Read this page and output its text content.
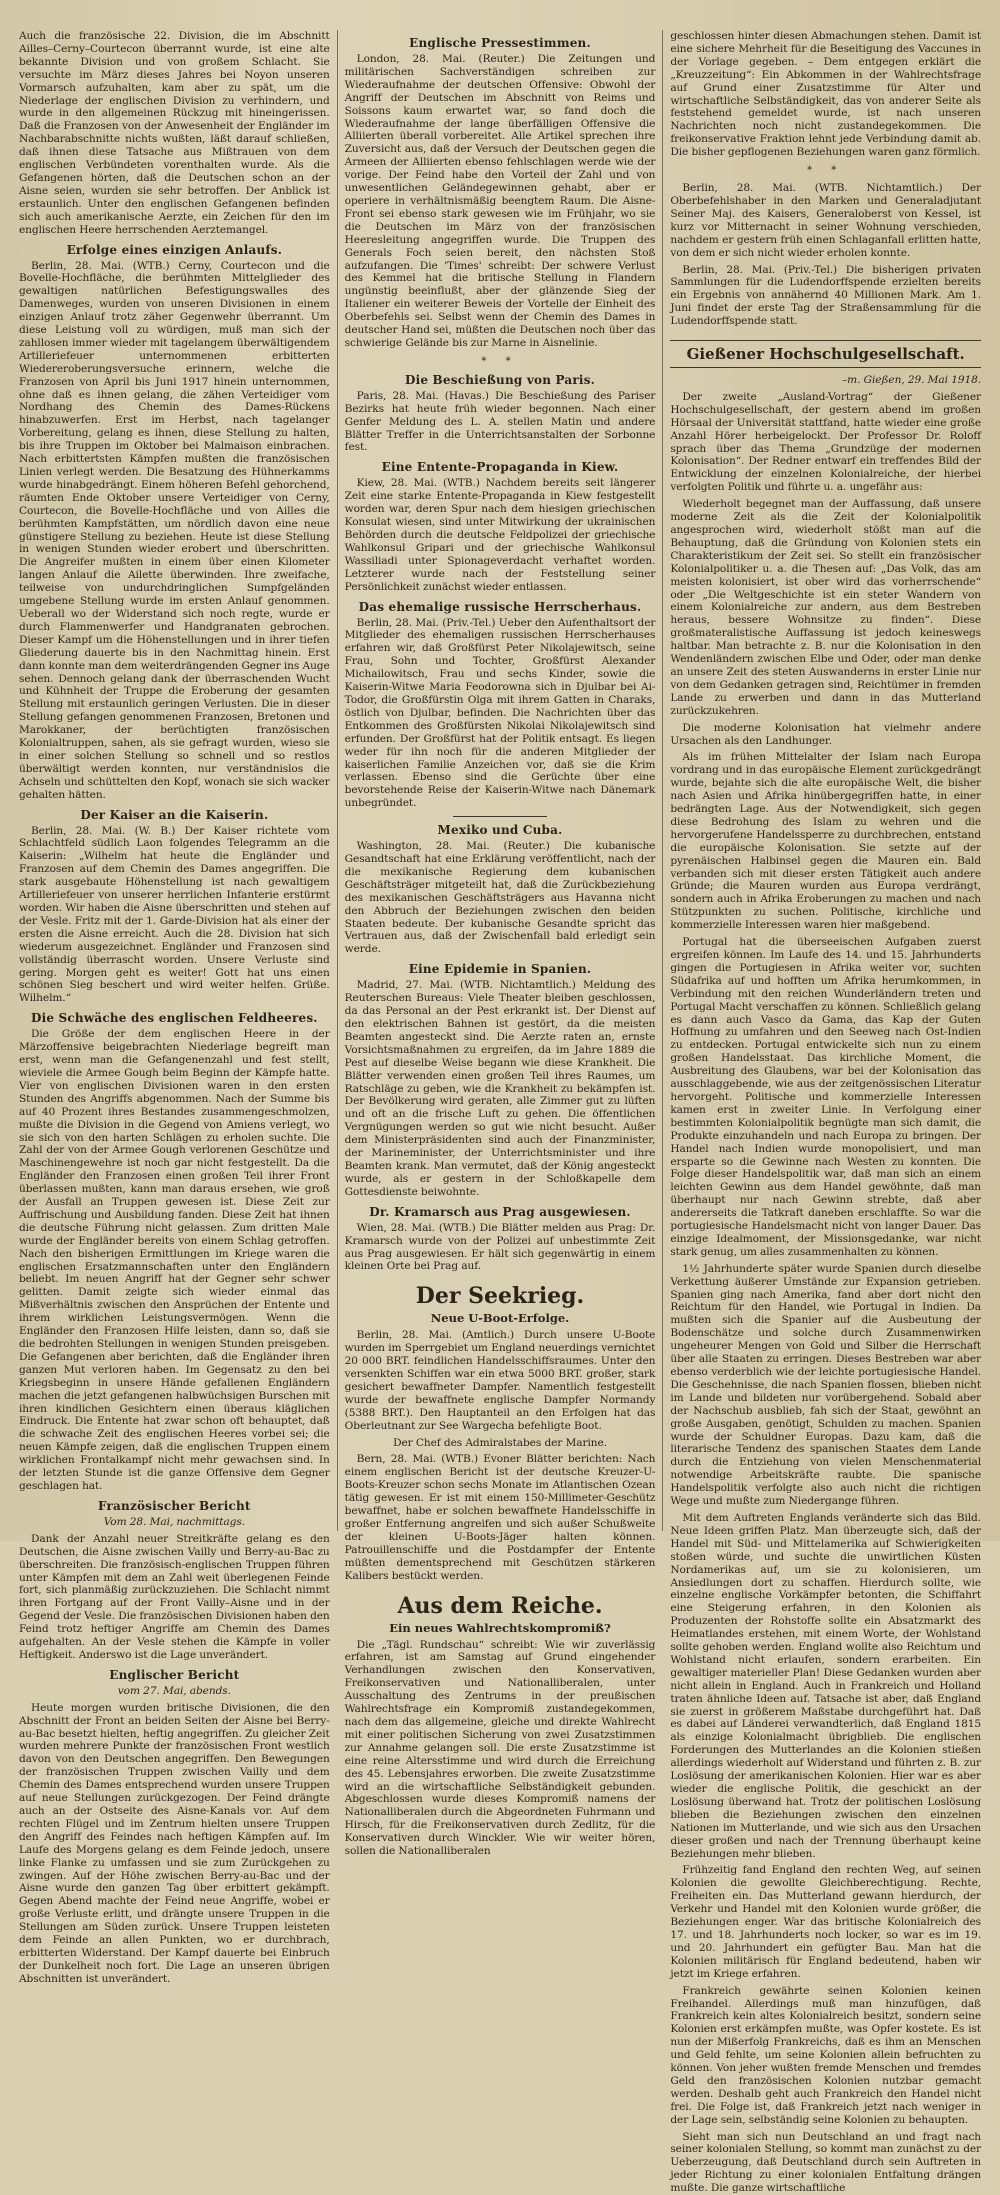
Auch die französische 22. Division, die im Abschnitt Ailles–Cerny–Courtecon überrannt wurde, ist eine alte bekannte Division und von großem Schlacht. Sie versuchte im März dieses Jahres bei Noyon unseren Vormarsch aufzuhalten, kam aber zu spät, um die Niederlage der englischen Division zu verhindern, und wurde in den allgemeinen Rückzug mit hineingerissen. Daß die Franzosen von der Anwesenheit der Engländer im Nachbarabschnitte nichts wußten, läßt darauf schließen, daß ihnen diese Tatsache aus Mißtrauen von dem englischen Verbündeten vorenthalten wurde. Als die Gefangenen hörten, daß die Deutschen schon an der Aisne seien, wurden sie sehr betroffen. Der Anblick ist erstaunlich. Unter den englischen Gefangenen befinden sich auch amerikanische Aerzte, ein Zeichen für den im englischen Heere herrschenden Aerztemangel.

Erfolge eines einzigen Anlaufs.

Berlin, 28. Mai. (WTB.) Cerny, Courtecon und die Bovelle-Hochfläche, die berühmten Mittelglieder des gewaltigen natürlichen Befestigungswalles des Damenweges, wurden von unseren Divisionen in einem einzigen Anlauf trotz zäher Gegenwehr überrannt. Um diese Leistung voll zu würdigen, muß man sich der zahllosen immer wieder mit tagelangem überwältigendem Artilleriefeuer unternommenen erbitterten Wiedereroberungsversuche erinnern, welche die Franzosen von April bis Juni 1917 hinein unternommen, ohne daß es ihnen gelang, die zähen Verteidiger vom Nordhang des Chemin des Dames-Rückens hinabzuwerfen. Erst im Herbst, nach tagelanger Vorbereitung, gelang es ihnen, diese Stellung zu halten, bis ihre Truppen im Oktober bei Malmaison einbrachen. Nach erbittertsten Kämpfen mußten die französischen Linien verlegt werden. Die Besatzung des Hühnerkamms wurde hinabgedrängt. Einem höheren Befehl gehorchend, räumten Ende Oktober unsere Verteidiger von Cerny, Courtecon, die Bovelle-Hochfläche und von Ailles die berühmten Kampfstätten, um nördlich davon eine neue günstigere Stellung zu beziehen. Heute ist diese Stellung in wenigen Stunden wieder erobert und überschritten. Die Angreifer mußten in einem über einen Kilometer langen Anlauf die Ailette überwinden. Ihre zweifache, teilweise von undurchdringlichen Sumpfgeländen umgebene Stellung wurde im ersten Anlauf genommen. Ueberall wo der Widerstand sich noch regte, wurde er durch Flammenwerfer und Handgranaten gebrochen. Dieser Kampf um die Höhenstellungen und in ihrer tiefen Gliederung dauerte bis in den Nachmittag hinein. Erst dann konnte man dem weiterdrängenden Gegner ins Auge sehen. Dennoch gelang dank der überraschenden Wucht und Kühnheit der Truppe die Eroberung der gesamten Stellung mit erstaunlich geringen Verlusten. Die in dieser Stellung gefangen genommenen Franzosen, Bretonen und Marokkaner, der berüchtigten französischen Kolonialtruppen, sahen, als sie gefragt wurden, wieso sie in einer solchen Stellung so schnell und so restlos überwältigt werden konnten, nur verständnislos die Achseln und schüttelten den Kopf, wonach sie sich wacker gehalten hätten.

Der Kaiser an die Kaiserin.

Berlin, 28. Mai. (W. B.) Der Kaiser richtete vom Schlachtfeld südlich Laon folgendes Telegramm an die Kaiserin: „Wilhelm hat heute die Engländer und Franzosen auf dem Chemin des Dames angegriffen. Die stark ausgebaute Höhenstellung ist nach gewaltigem Artilleriefeuer von unserer herrlichen Infanterie erstürmt worden. Wir haben die Aisne überschritten und stehen auf der Vesle. Fritz mit der 1. Garde-Division hat als einer der ersten die Aisne erreicht. Auch die 28. Division hat sich wiederum ausgezeichnet. Engländer und Franzosen sind vollständig überrascht worden. Unsere Verluste sind gering. Morgen geht es weiter! Gott hat uns einen schönen Sieg beschert und wird weiter helfen. Grüße. Wilhelm.“

Die Schwäche des englischen Feldheeres.

Die Größe der dem englischen Heere in der Märzoffensive beigebrachten Niederlage begreift man erst, wenn man die Gefangenenzahl und fest stellt, wieviele die Armee Gough beim Beginn der Kämpfe hatte. Vier von englischen Divisionen waren in den ersten Stunden des Angriffs abgenommen. Nach der Summe bis auf 40 Prozent ihres Bestandes zusammengeschmolzen, mußte die Division in die Gegend von Amiens verlegt, wo sie sich von den harten Schlägen zu erholen suchte. Die Zahl der von der Armee Gough verlorenen Geschütze und Maschinengewehre ist noch gar nicht festgestellt. Da die Engländer den Franzosen einen großen Teil ihrer Front überlassen mußten, kann man daraus ersehen, wie groß der Ausfall an Truppen gewesen ist. Diese Zeit zur Auffrischung und Ausbildung fanden. Diese Zeit hat ihnen die deutsche Führung nicht gelassen. Zum dritten Male wurde der Engländer bereits von einem Schlag getroffen. Nach den bisherigen Ermittlungen im Kriege waren die englischen Ersatzmannschaften unter den Engländern beliebt. Im neuen Angriff hat der Gegner sehr schwer gelitten. Damit zeigte sich wieder einmal das Mißverhältnis zwischen den Ansprüchen der Entente und ihrem wirklichen Leistungsvermögen. Wenn die Engländer den Franzosen Hilfe leisten, dann so, daß sie die bedrohten Stellungen in wenigen Stunden preisgeben. Die Gefangenen aber berichten, daß die Engländer ihren ganzen Mut verloren haben. Im Gegensatz zu den bei Kriegsbeginn in unsere Hände gefallenen Engländern machen die jetzt gefangenen halbwüchsigen Burschen mit ihren kindlichen Gesichtern einen überaus kläglichen Eindruck. Die Entente hat zwar schon oft behauptet, daß die schwache Zeit des englischen Heeres vorbei sei; die neuen Kämpfe zeigen, daß die englischen Truppen einem wirklichen Frontalkampf nicht mehr gewachsen sind. In der letzten Stunde ist die ganze Offensive dem Gegner geschlagen hat.

Französischer Bericht

Vom 28. Mai, nachmittags.

Dank der Anzahl neuer Streitkräfte gelang es den Deutschen, die Aisne zwischen Vailly und Berry-au-Bac zu überschreiten. Die französisch-englischen Truppen führen unter Kämpfen mit dem an Zahl weit überlegenen Feinde fort, sich planmäßig zurückzuziehen. Die Schlacht nimmt ihren Fortgang auf der Front Vailly–Aisne und in der Gegend der Vesle. Die französischen Divisionen haben den Feind trotz heftiger Angriffe am Chemin des Dames aufgehalten. An der Vesle stehen die Kämpfe in voller Heftigkeit. Anderswo ist die Lage unverändert.

Englischer Bericht

vom 27. Mai, abends.

Heute morgen wurden britische Divisionen, die den Abschnitt der Front an beiden Seiten der Aisne bei Berry-au-Bac besetzt hielten, heftig angegriffen. Zu gleicher Zeit wurden mehrere Punkte der französischen Front westlich davon von den Deutschen angegriffen. Den Bewegungen der französischen Truppen zwischen Vailly und dem Chemin des Dames entsprechend wurden unsere Truppen auf neue Stellungen zurückgezogen. Der Feind drängte auch an der Ostseite des Aisne-Kanals vor. Auf dem rechten Flügel und im Zentrum hielten unsere Truppen den Angriff des Feindes nach heftigen Kämpfen auf. Im Laufe des Morgens gelang es dem Feinde jedoch, unsere linke Flanke zu umfassen und sie zum Zurückgehen zu zwingen. Auf der Höhe zwischen Berry-au-Bac und der Aisne wurde den ganzen Tag über erbittert gekämpft. Gegen Abend machte der Feind neue Angriffe, wobei er große Verluste erlitt, und drängte unsere Truppen in die Stellungen am Süden zurück. Unsere Truppen leisteten dem Feinde an allen Punkten, wo er durchbrach, erbitterten Widerstand. Der Kampf dauerte bei Einbruch der Dunkelheit noch fort. Die Lage an unseren übrigen Abschnitten ist unverändert.

Englische Pressestimmen.

London, 28. Mai. (Reuter.) Die Zeitungen und militärischen Sachverständigen schreiben zur Wiederaufnahme der deutschen Offensive: Obwohl der Angriff der Deutschen im Abschnitt von Reims und Soissons kaum erwartet war, so fand doch die Wiederaufnahme der lange überfälligen Offensive die Alliierten überall vorbereitet. Alle Artikel sprechen ihre Zuversicht aus, daß der Versuch der Deutschen gegen die Armeen der Alliierten ebenso fehlschlagen werde wie der vorige. Der Feind habe den Vorteil der Zahl und von unwesentlichen Geländegewinnen gehabt, aber er operiere in verhältnismäßig beengtem Raum. Die Aisne-Front sei ebenso stark gewesen wie im Frühjahr, wo sie die Deutschen im März von der französischen Heeresleitung angegriffen wurde. Die Truppen des Generals Foch seien bereit, den nächsten Stoß aufzufangen. Die 'Times' schreibt: Der schwere Verlust des Kemmel hat die britische Stellung in Flandern ungünstig beeinflußt, aber der glänzende Sieg der Italiener ein weiterer Beweis der Vortelle der Einheit des Oberbefehls sei. Selbst wenn der Chemin des Dames in deutscher Hand sei, müßten die Deutschen noch über das schwierige Gelände bis zur Marne in Aisnelinie.

* *
Die Beschießung von Paris.

Paris, 28. Mai. (Havas.) Die Beschießung des Pariser Bezirks hat heute früh wieder begonnen. Nach einer Genfer Meldung des L. A. stellen Matin und andere Blätter Treffer in die Unterrichtsanstalten der Sorbonne fest.

Eine Entente-Propaganda in Kiew.

Kiew, 28. Mai. (WTB.) Nachdem bereits seit längerer Zeit eine starke Entente-Propaganda in Kiew festgestellt worden war, deren Spur nach dem hiesigen griechischen Konsulat wiesen, sind unter Mitwirkung der ukrainischen Behörden durch die deutsche Feldpolizei der griechische Wahlkonsul Gripari und der griechische Wahlkonsul Wassiliadi unter Spionageverdacht verhaftet worden. Letzterer wurde nach der Feststellung seiner Persönlichkeit zunächst wieder entlassen.

Das ehemalige russische Herrscherhaus.

Berlin, 28. Mai. (Priv.-Tel.) Ueber den Aufenthaltsort der Mitglieder des ehemaligen russischen Herrscherhauses erfahren wir, daß Großfürst Peter Nikolajewitsch, seine Frau, Sohn und Tochter, Großfürst Alexander Michailowitsch, Frau und sechs Kinder, sowie die Kaiserin-Witwe Maria Feodorowna sich in Djulbar bei Ai-Todor, die Großfürstin Olga mit ihrem Gatten in Charaks, östlich von Djulbar, befinden. Die Nachrichten über das Entkommen des Großfürsten Nikolai Nikolajewitsch sind erfunden. Der Großfürst hat der Politik entsagt. Es liegen weder für ihn noch für die anderen Mitglieder der kaiserlichen Familie Anzeichen vor, daß sie die Krim verlassen. Ebenso sind die Gerüchte über eine bevorstehende Reise der Kaiserin-Witwe nach Dänemark unbegründet.

Mexiko und Cuba.

Washington, 28. Mai. (Reuter.) Die kubanische Gesandtschaft hat eine Erklärung veröffentlicht, nach der die mexikanische Regierung dem kubanischen Geschäftsträger mitgeteilt hat, daß die Zurückbeziehung des mexikanischen Geschäftsträgers aus Havanna nicht den Abbruch der Beziehungen zwischen den beiden Staaten bedeute. Der kubanische Gesandte spricht das Vertrauen aus, daß der Zwischenfall bald erledigt sein werde.

Eine Epidemie in Spanien.

Madrid, 27. Mai. (WTB. Nichtamtlich.) Meldung des Reuterschen Bureaus: Viele Theater bleiben geschlossen, da das Personal an der Pest erkrankt ist. Der Dienst auf den elektrischen Bahnen ist gestört, da die meisten Beamten angesteckt sind. Die Aerzte raten an, ernste Vorsichtsmaßnahmen zu ergreifen, da im Jahre 1889 die Pest auf dieselbe Weise begann wie diese Krankheit. Die Blätter verwenden einen großen Teil ihres Raumes, um Ratschläge zu geben, wie die Krankheit zu bekämpfen ist. Der Bevölkerung wird geraten, alle Zimmer gut zu lüften und oft an die frische Luft zu gehen. Die öffentlichen Vergnügungen werden so gut wie nicht besucht. Außer dem Ministerpräsidenten sind auch der Finanzminister, der Marineminister, der Unterrichtsminister und ihre Beamten krank. Man vermutet, daß der König angesteckt wurde, als er gestern in der Schloßkapelle dem Gottesdienste beiwohnte.

Dr. Kramarsch aus Prag ausgewiesen.

Wien, 28. Mai. (WTB.) Die Blätter melden aus Prag: Dr. Kramarsch wurde von der Polizei auf unbestimmte Zeit aus Prag ausgewiesen. Er hält sich gegenwärtig in einem kleinen Orte bei Prag auf.

Der Seekrieg.
Neue U-Boot-Erfolge.

Berlin, 28. Mai. (Amtlich.) Durch unsere U-Boote wurden im Sperrgebiet um England neuerdings vernichtet 20 000 BRT. feindlichen Handelsschiffsraumes. Unter den versenkten Schiffen war ein etwa 5000 BRT. großer, stark gesichert bewaffneter Dampfer. Namentlich festgestellt wurde der bewaffnete englische Dampfer Normandy (5388 BRT.). Den Hauptanteil an den Erfolgen hat das Oberleutnant zur See Wargecha befehligte Boot.

Der Chef des Admiralstabes der Marine.

Bern, 28. Mai. (WTB.) Evoner Blätter berichten: Nach einem englischen Bericht ist der deutsche Kreuzer-U-Boots-Kreuzer schon sechs Monate im Atlantischen Ozean tätig gewesen. Er ist mit einem 150-Millimeter-Geschütz bewaffnet, habe er solchen bewaffnete Handelsschiffe in großer Entfernung angreifen und sich außer Schußweite der kleinen U-Boots-Jäger halten können. Patrouillenschiffe und die Postdampfer der Entente müßten dementsprechend mit Geschützen stärkeren Kalibers bestückt werden.

Aus dem Reiche.
Ein neues Wahlrechtskompromiß?

Die „Tägl. Rundschau“ schreibt: Wie wir zuverlässig erfahren, ist am Samstag auf Grund eingehender Verhandlungen zwischen den Konservativen, Freikonservativen und Nationalliberalen, unter Ausschaltung des Zentrums in der preußischen Wahlrechtsfrage ein Kompromiß zustandegekommen, nach dem das allgemeine, gleiche und direkte Wahlrecht mit einer politischen Sicherung von zwei Zusatzstimmen zur Annahme gelangen soll. Die erste Zusatzstimme ist eine reine Altersstimme und wird durch die Erreichung des 45. Lebensjahres erworben. Die zweite Zusatzstimme wird an die wirtschaftliche Selbständigkeit gebunden. Abgeschlossen wurde dieses Kompromiß namens der Nationalliberalen durch die Abgeordneten Fuhrmann und Hirsch, für die Freikonservativen durch Zedlitz, für die Konservativen durch Winckler. Wie wir weiter hören, sollen die Nationalliberalen

geschlossen hinter diesen Abmachungen stehen. Damit ist eine sichere Mehrheit für die Beseitigung des Vaccunes in der Vorlage gegeben. – Dem entgegen erklärt die „Kreuzzeitung“: Ein Abkommen in der Wahlrechtsfrage auf Grund einer Zusatzstimme für Alter und wirtschaftliche Selbständigkeit, das von anderer Seite als feststehend gemeldet wurde, ist nach unseren Nachrichten noch nicht zustandegekommen. Die freikonservative Fraktion lehnt jede Verbindung damit ab. Die bisher gepflogenen Beziehungen waren ganz förmlich.

* *

Berlin, 28. Mai. (WTB. Nichtamtlich.) Der Oberbefehlshaber in den Marken und Generaladjutant Seiner Maj. des Kaisers, Generaloberst von Kessel, ist kurz vor Mitternacht in seiner Wohnung verschieden, nachdem er gestern früh einen Schlaganfall erlitten hatte, von dem er sich nicht wieder erholen konnte.

Berlin, 28. Mai. (Priv.-Tel.) Die bisherigen privaten Sammlungen für die Ludendorffspende erzielten bereits ein Ergebnis von annähernd 40 Millionen Mark. Am 1. Juni findet der erste Tag der Straßensammlung für die Ludendorffspende statt.

Gießener Hochschulgesellschaft.

–m. Gießen, 29. Mai 1918.

Der zweite „Ausland-Vortrag“ der Gießener Hochschulgesellschaft, der gestern abend im großen Hörsaal der Universität stattfand, hatte wieder eine große Anzahl Hörer herbeigelockt. Der Professor Dr. Roloff sprach über das Thema „Grundzüge der modernen Kolonisation“. Der Redner entwarf ein treffendes Bild der Entwicklung der einzelnen Kolonialreiche, der hierbei verfolgten Politik und führte u. a. ungefähr aus:

Wiederholt begegnet man der Auffassung, daß unsere moderne Zeit als die Zeit der Kolonialpolitik angesprochen wird, wiederholt stößt man auf die Behauptung, daß die Gründung von Kolonien stets ein Charakteristikum der Zeit sei. So stellt ein französischer Kolonialpolitiker u. a. die Thesen auf: „Das Volk, das am meisten kolonisiert, ist ober wird das vorherrschende“ oder „Die Weltgeschichte ist ein steter Wandern von einem Kolonialreiche zur andern, aus dem Bestreben heraus, bessere Wohnsitze zu finden“. Diese großmateralistische Auffassung ist jedoch keineswegs haltbar. Man betrachte z. B. nur die Kolonisation in den Wendenländern zwischen Elbe und Oder, oder man denke an unsere Zeit des steten Auswanderns in erster Linie nur von dem Gedanken getragen sind, Reichtümer in fremden Lande zu erwerben und dann in das Mutterland zurückzukehren.

Die moderne Kolonisation hat vielmehr andere Ursachen als den Landhunger.

Als im frühen Mittelalter der Islam nach Europa vordrang und in das europäische Element zurückgedrängt wurde, bejahte sich die alte europäische Welt, die bisher nach Asien und Afrika hinübergegriffen hatte, in einer bedrängten Lage. Aus der Notwendigkeit, sich gegen diese Bedrohung des Islam zu wehren und die hervorgerufene Handelssperre zu durchbrechen, entstand die europäische Kolonisation. Sie setzte auf der pyrenäischen Halbinsel gegen die Mauren ein. Bald verbanden sich mit dieser ersten Tätigkeit auch andere Gründe; die Mauren wurden aus Europa verdrängt, sondern auch in Afrika Eroberungen zu machen und nach Stützpunkten zu suchen. Politische, kirchliche und kommerzielle Interessen waren hier maßgebend.

Portugal hat die überseeischen Aufgaben zuerst ergreifen können. Im Laufe des 14. und 15. Jahrhunderts gingen die Portugiesen in Afrika weiter vor, suchten Südafrika auf und hofften um Afrika herumkommen, in Verbindung mit den reichen Wunderländern treten und Portugal Macht verschaffen zu können. Schließlich gelang es dann auch Vasco da Gama, das Kap der Guten Hoffnung zu umfahren und den Seeweg nach Ost-Indien zu entdecken. Portugal entwickelte sich nun zu einem großen Handelsstaat. Das kirchliche Moment, die Ausbreitung des Glaubens, war bei der Kolonisation das ausschlaggebende, wie aus der zeitgenössischen Literatur hervorgeht. Politische und kommerzielle Interessen kamen erst in zweiter Linie. In Verfolgung einer bestimmten Kolonialpolitik begnügte man sich damit, die Produkte einzuhandeln und nach Europa zu bringen. Der Handel nach Indien wurde monopolisiert, und man ersparte so die Gewinne nach Westen zu konnten. Die Folge dieser Handelspolitik war, daß man sich an einem leichten Gewinn aus dem Handel gewöhnte, daß man überhaupt nur nach Gewinn strebte, daß aber andererseits die Tatkraft daneben erschlaffte. So war die portugiesische Handelsmacht nicht von langer Dauer. Das einzige Idealmoment, der Missionsgedanke, war nicht stark genug, um alles zusammenhalten zu können.

1½ Jahrhunderte später wurde Spanien durch dieselbe Verkettung äußerer Umstände zur Expansion getrieben. Spanien ging nach Amerika, fand aber dort nicht den Reichtum für den Handel, wie Portugal in Indien. Da mußten sich die Spanier auf die Ausbeutung der Bodenschätze und solche durch Zusammenwirken ungeheurer Mengen von Gold und Silber die Herrschaft über alle Staaten zu erringen. Dieses Bestreben war aber ebenso verderblich wie der leichte portugiesische Handel. Die Geschehnisse, die nach Spanien flossen, blieben nicht im Lande und bildeten nur vorübergehend. Sobald aber der Nachschub ausblieb, fah sich der Staat, gewöhnt an große Ausgaben, genötigt, Schulden zu machen. Spanien wurde der Schuldner Europas. Dazu kam, daß die literarische Tendenz des spanischen Staates dem Lande durch die Entziehung von vielen Menschenmaterial notwendige Arbeitskräfte raubte. Die spanische Handelspolitik verfolgte also auch nicht die richtigen Wege und mußte zum Niedergange führen.

Mit dem Auftreten Englands veränderte sich das Bild. Neue Ideen griffen Platz. Man überzeugte sich, daß der Handel mit Süd- und Mittelamerika auf Schwierigkeiten stoßen würde, und suchte die unwirtlichen Küsten Nordamerikas auf, um sie zu kolonisieren, um Ansiedlungen dort zu schaffen. Hierdurch sollte, wie einzelne englische Vorkämpfer betonten, die Schiffahrt eine Steigerung erfahren, in den Kolonien als Produzenten der Rohstoffe sollte ein Absatzmarkt des Heimatlandes erstehen, mit einem Worte, der Wohlstand sollte gehoben werden. England wollte also Reichtum und Wohlstand nicht erlaufen, sondern erarbeiten. Ein gewaltiger materieller Plan! Diese Gedanken wurden aber nicht allein in England. Auch in Frankreich und Holland traten ähnliche Ideen auf. Tatsache ist aber, daß England sie zuerst in größerem Maßstabe durchgeführt hat. Daß es dabei auf Länderei verwandterlich, daß England 1815 als einzige Kolonialmacht übrigblieb. Die englischen Forderungen des Mutterlandes an die Kolonien stießen allerdings wiederholt auf Widerstand und führten z. B. zur Loslösung der amerikanischen Kolonien. Hier war es aber wieder die englische Politik, die geschickt an der Loslösung überwand hat. Trotz der politischen Loslösung blieben die Beziehungen zwischen den einzelnen Nationen im Mutterlande, und wie sich aus den Ursachen dieser großen und nach der Trennung überhaupt keine Beziehungen mehr blieben.

Frühzeitig fand England den rechten Weg, auf seinen Kolonien die gewollte Gleichberechtigung. Rechte, Freiheiten ein. Das Mutterland gewann hierdurch, der Verkehr und Handel mit den Kolonien wurde größer, die Beziehungen enger. War das britische Kolonialreich des 17. und 18. Jahrhunderts noch locker, so war es im 19. und 20. Jahrhundert ein gefügter Bau. Man hat die Kolonien militärisch für England bedeutend, haben wir jetzt im Kriege erfahren.

Frankreich gewährte seinen Kolonien keinen Freihandel. Allerdings muß man hinzufügen, daß Frankreich kein altes Kolonialreich besitzt, sondern seine Kolonien erst erkämpfen mußte, was Opfer kostete. Es ist nun der Mißerfolg Frankreichs, daß es ihm an Menschen und Geld fehlte, um seine Kolonien allein befruchten zu können. Von jeher wußten fremde Menschen und fremdes Geld den französischen Kolonien nutzbar gemacht werden. Deshalb geht auch Frankreich den Handel nicht frei. Die Folge ist, daß Frankreich jetzt nach weniger in der Lage sein, selbständig seine Kolonien zu behaupten.

Sieht man sich nun Deutschland an und fragt nach seiner kolonialen Stellung, so kommt man zunächst zu der Ueberzeugung, daß Deutschland durch sein Auftreten in jeder Richtung zu einer kolonialen Entfaltung drängen mußte. Die ganze wirtschaftliche
